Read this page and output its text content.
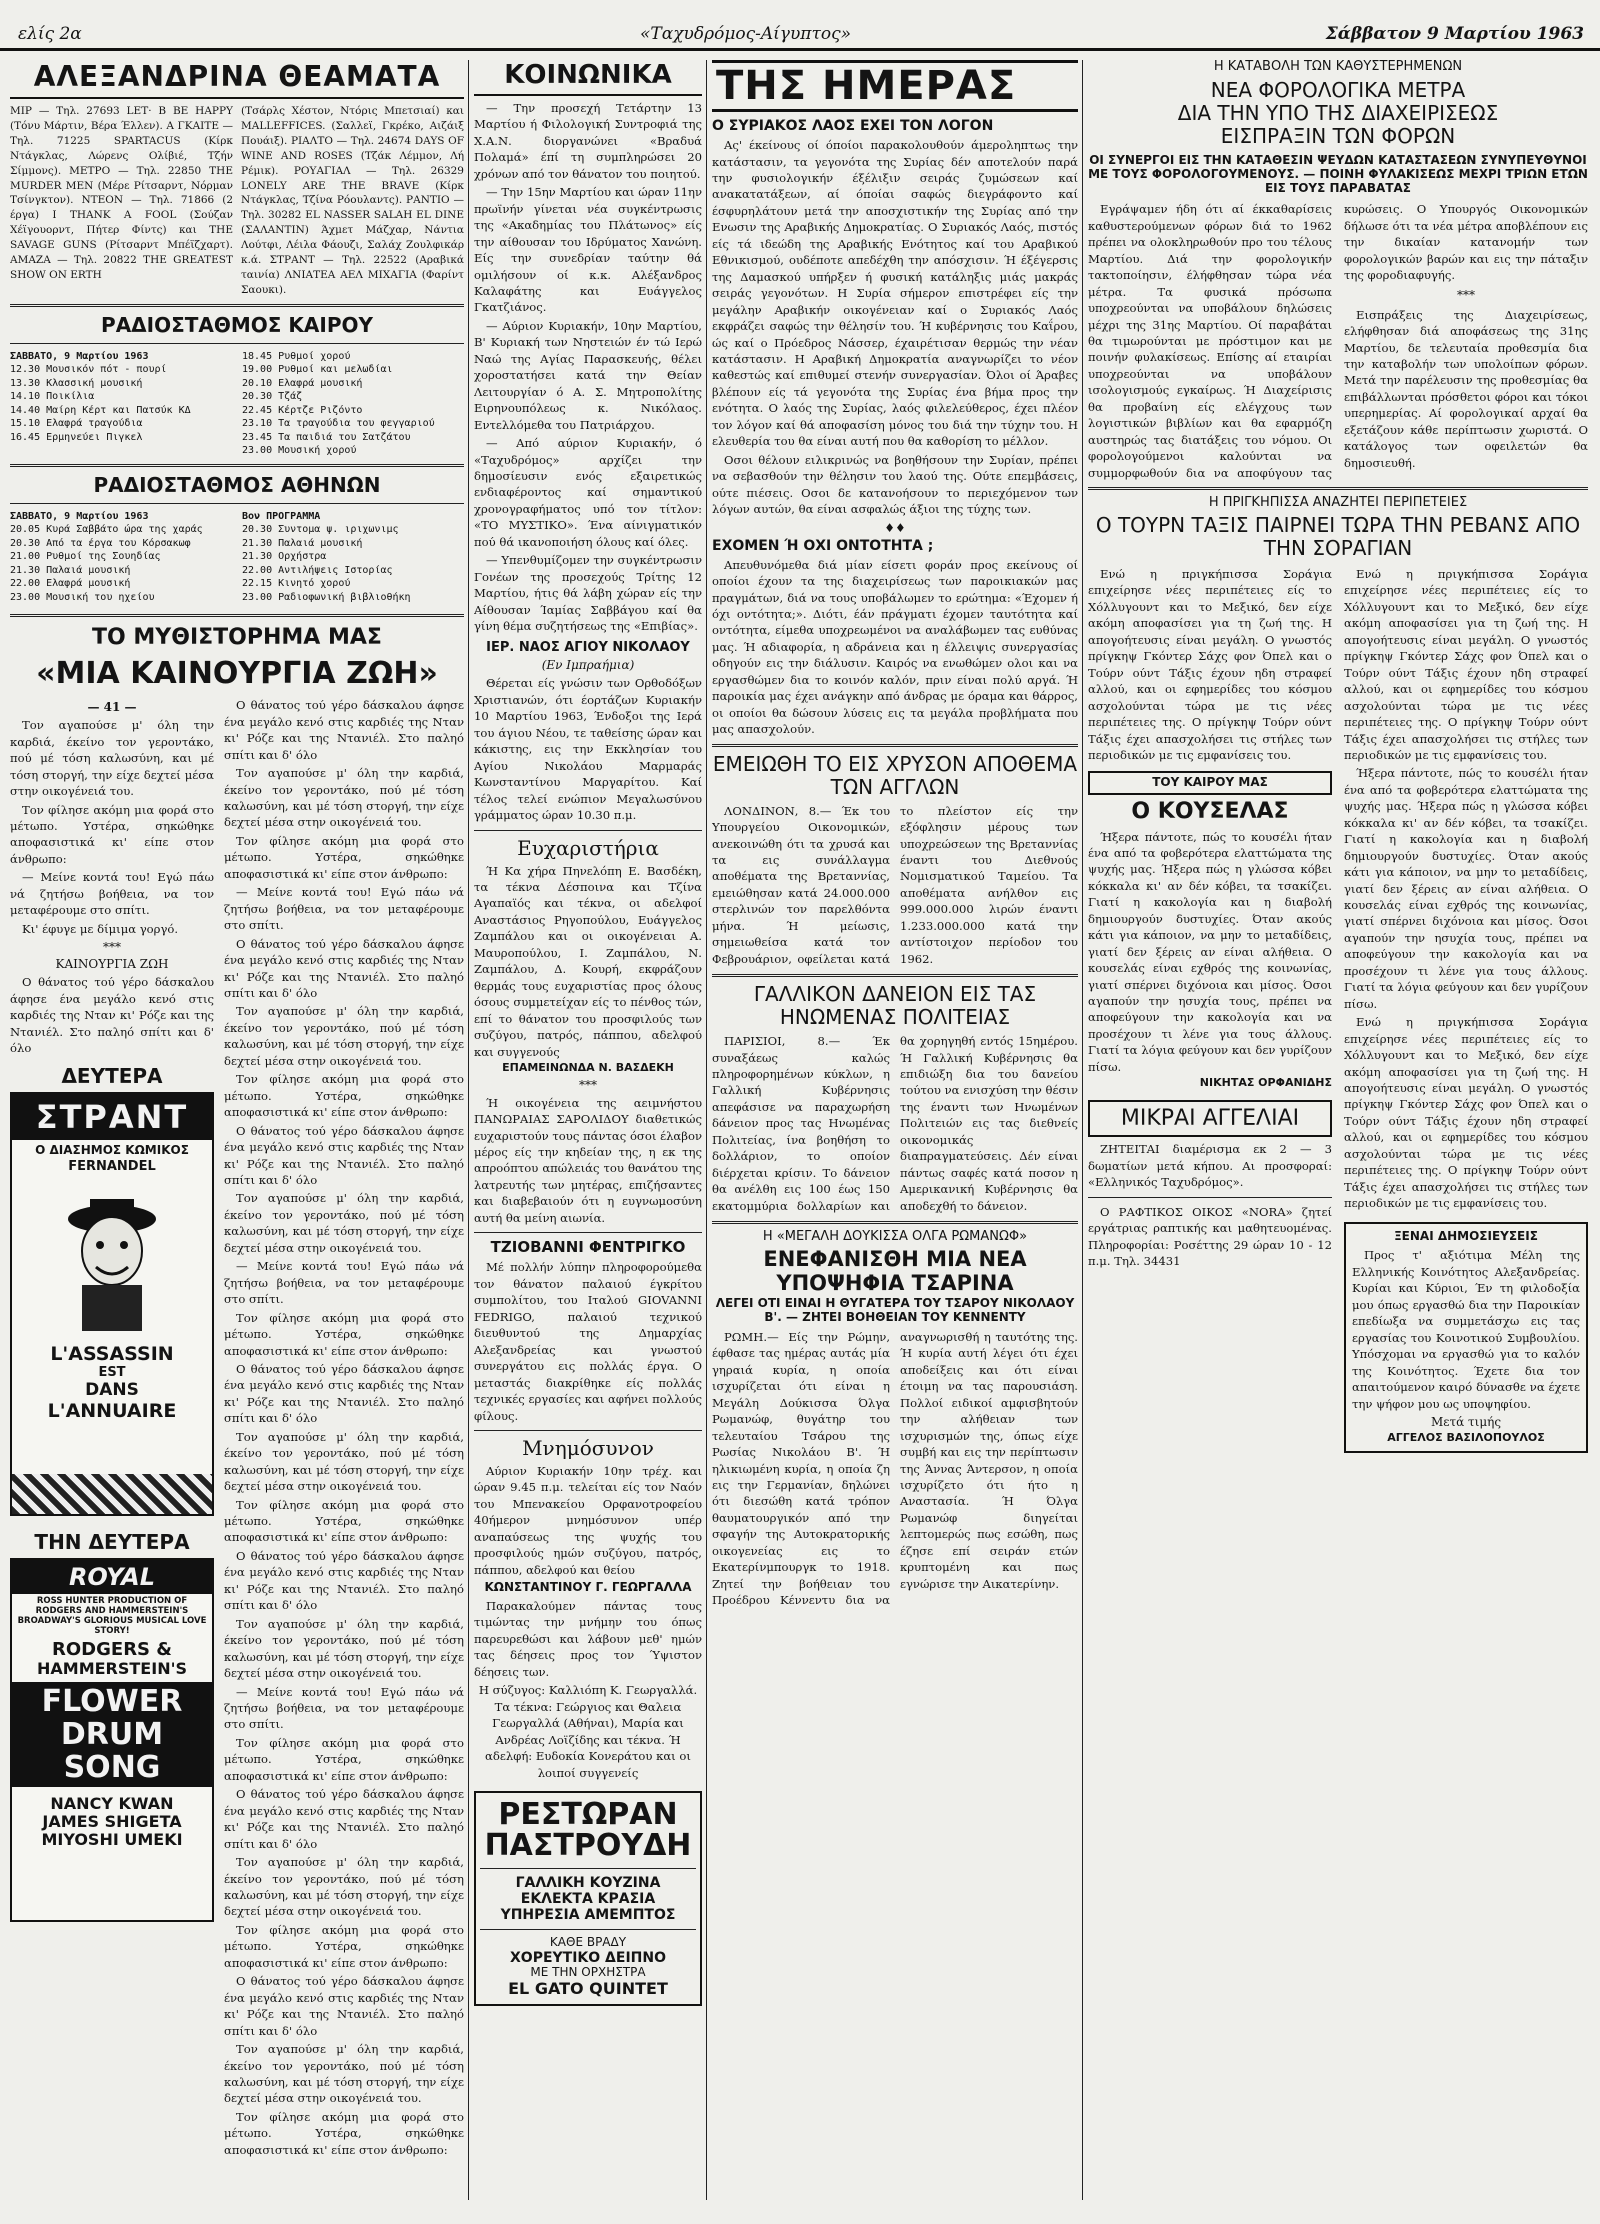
ελίς 2α	«Ταχυδρόμος-Αίγυπτος»	Σάββατον 9 Μαρτίου 1963
ΑΛΕΞΑΝΔΡΙΝΑ ΘΕΑΜΑΤΑ
ΜΙΡ — Τηλ. 27693 LET· Β ΒΕ ΗΑΡΡΥ (Τόνυ Μάρτιν, Βέρα Έλλεν). Α ΓΚΑΙΤΕ — Τηλ. 71225 SPARTACUS (Κίρκ Ντάγκλας, Λώρενς Ολίβιέ, Τζήν Σίμμονς). ΜΕΤΡΟ — Τηλ. 22850 THE MURDER MEN (Μέρε Ρίτσαρντ, Νόρμαν Τσίνγκτον). ΝΤΕΟΝ — Τηλ. 71866 (2 έργα) I THANK A FOOL (Σούζαν Χέϊγουορντ, Πήτερ Φίντς) και THE SAVAGE GUNS (Ρίτσαρντ Μπέϊζχαρτ). ΑΜΑΖΑ — Τηλ. 20822 THE GREATEST SHOW ON ERTH
(Τσάρλς Χέστον, Ντόρις Μπετσιαί) και MALLEFFICES. (Σαλλεϊ, Γκρέκο, Αιζάιξ Πουάιξ). ΡΙΑΛΤΟ — Τηλ. 24674 DAYS OF WINE AND ROSES (Τζάκ Λέμμον, Λή Ρέμικ). ΡΟΥΑΓΙΑΛ — Τηλ. 26329 LONELY ARE THE BRAVE (Κίρκ Ντάγκλας, Τζίνα Ρόουλαντς). ΡΑΝΤΙΟ — Τηλ. 30282 EL NASSER SALAH EL DINE (ΣΑΛΑΝΤΙΝ) Άχμετ Μάζχαρ, Νάντια Λούτφι, Λέιλα Φάουζι, Σαλάχ Ζουλφικάρ κ.ά. ΣΤΡΑΝΤ — Τηλ. 22522 (Αραβικά ταινία) ΛΝΙΑΤΕΑ ΑΕΛ ΜΙΧΑΓΙΑ (Φαρίντ Σαουκι).
ΡΑΔΙΟΣΤΑΘΜΟΣ ΚΑΙΡΟΥ
ΣΑΒΒΑΤΟ, 9 Μαρτίου 1963
12.30 Μουσικόν πότ - πουρί
13.30 Κλασσική μουσική
14.10 Ποικίλια
14.40 Μαίρη Κέρτ και Πατσύκ ΚΔ
15.10 Ελαφρά τραγούδια
16.45 Ερμηνεύει Πιγκελ
18.45 Ρυθμοί χορού
19.00 Ρυθμοί και μελωδίαι
20.10 Ελαφρά μουσική
20.30 Τζάζ
22.45 Κέρτζε Ριζόντο
23.10 Τα τραγούδια του φεγγαριού
23.45 Τα παιδιά του Σατζάτου
23.00 Μουσική χορού
ΡΑΔΙΟΣΤΑΘΜΟΣ ΑΘΗΝΩΝ
ΣΑΒΒΑΤΟ, 9 Μαρτίου 1963
20.05 Κυρά Σαββάτο ώρα της χαράς
20.30 Από τα έργα του Κόρσακωφ
21.00 Ρυθμοί της Σουηδίας
21.30 Παλαιά μουσική
22.00 Ελαφρά μουσική
23.00 Μουσική του ηχείου
Βον ΠΡΟΓΡΑΜΜΑ
20.30 Συντομα ψ. ιριχωνιμς
21.30 Παλαιά μουσική
21.30 Ορχήστρα
22.00 Αντιλήψεις Ιστορίας
22.15 Κινητό χορού
23.00 Ραδιοφωνική βιβλιοθήκη
ΤΟ ΜΥΘΙΣΤΟΡΗΜΑ ΜΑΣ
«ΜΙΑ ΚΑΙΝΟΥΡΓΙΑ ΖΩΗ»
— 41 —

Τον αγαπούσε μ' όλη την καρδιά, έκείνο τον γεροντάκο, πού μέ τόση καλωσύνη, και μέ τόση στοργή, την είχε δεχτεί μέσα στην οικογένειά του.

Τον φίλησε ακόμη μια φορά στο μέτωπο. Υστέρα, σηκώθηκε αποφασιστικά κι' είπε στον άνθρωπο:

— Μείνε κοντά του! Εγώ πάω νά ζητήσω βοήθεια, να τον μεταφέρουμε στο σπίτι.

Κι' έφυγε με δίμιμα γοργό.

***
ΚΑΙΝΟΥΡΓΙΑ ΖΩΗ

Ο θάνατος τού γέρο δάσκαλου άφησε ένα μεγάλο κενό στις καρδιές της Νταν κι' Ρόζε και της Ντανιέλ. Στο παληό σπίτι και δ' όλο

ΔΕΥΤΕΡΑ
ΣΤΡΑΝΤ
Ο ΔΙΑΣΗΜΟΣ ΚΩΜΙΚΟΣ
FERNANDEL
L'ASSASSIN
EST
DANS
L'ANNUAIRE
ΤΗΝ ΔΕΥΤΕΡΑ
ROYAL
ROSS HUNTER PRODUCTION OF RODGERS AND HAMMERSTEIN'S BROADWAY'S GLORIOUS MUSICAL LOVE STORY!
RODGERS &
HAMMERSTEIN'S
FLOWER
DRUM
SONG
NANCY KWAN
JAMES SHIGETA
MIYOSHI UMEKI

Ο θάνατος τού γέρο δάσκαλου άφησε ένα μεγάλο κενό στις καρδιές της Νταν κι' Ρόζε και της Ντανιέλ. Στο παληό σπίτι και δ' όλο

Τον αγαπούσε μ' όλη την καρδιά, έκείνο τον γεροντάκο, πού μέ τόση καλωσύνη, και μέ τόση στοργή, την είχε δεχτεί μέσα στην οικογένειά του.

Τον φίλησε ακόμη μια φορά στο μέτωπο. Υστέρα, σηκώθηκε αποφασιστικά κι' είπε στον άνθρωπο:

— Μείνε κοντά του! Εγώ πάω νά ζητήσω βοήθεια, να τον μεταφέρουμε στο σπίτι.

Ο θάνατος τού γέρο δάσκαλου άφησε ένα μεγάλο κενό στις καρδιές της Νταν κι' Ρόζε και της Ντανιέλ. Στο παληό σπίτι και δ' όλο

Τον αγαπούσε μ' όλη την καρδιά, έκείνο τον γεροντάκο, πού μέ τόση καλωσύνη, και μέ τόση στοργή, την είχε δεχτεί μέσα στην οικογένειά του.

Τον φίλησε ακόμη μια φορά στο μέτωπο. Υστέρα, σηκώθηκε αποφασιστικά κι' είπε στον άνθρωπο:

Ο θάνατος τού γέρο δάσκαλου άφησε ένα μεγάλο κενό στις καρδιές της Νταν κι' Ρόζε και της Ντανιέλ. Στο παληό σπίτι και δ' όλο

Τον αγαπούσε μ' όλη την καρδιά, έκείνο τον γεροντάκο, πού μέ τόση καλωσύνη, και μέ τόση στοργή, την είχε δεχτεί μέσα στην οικογένειά του.

— Μείνε κοντά του! Εγώ πάω νά ζητήσω βοήθεια, να τον μεταφέρουμε στο σπίτι.

Τον φίλησε ακόμη μια φορά στο μέτωπο. Υστέρα, σηκώθηκε αποφασιστικά κι' είπε στον άνθρωπο:

Ο θάνατος τού γέρο δάσκαλου άφησε ένα μεγάλο κενό στις καρδιές της Νταν κι' Ρόζε και της Ντανιέλ. Στο παληό σπίτι και δ' όλο

Τον αγαπούσε μ' όλη την καρδιά, έκείνο τον γεροντάκο, πού μέ τόση καλωσύνη, και μέ τόση στοργή, την είχε δεχτεί μέσα στην οικογένειά του.

Τον φίλησε ακόμη μια φορά στο μέτωπο. Υστέρα, σηκώθηκε αποφασιστικά κι' είπε στον άνθρωπο:

Ο θάνατος τού γέρο δάσκαλου άφησε ένα μεγάλο κενό στις καρδιές της Νταν κι' Ρόζε και της Ντανιέλ. Στο παληό σπίτι και δ' όλο

Τον αγαπούσε μ' όλη την καρδιά, έκείνο τον γεροντάκο, πού μέ τόση καλωσύνη, και μέ τόση στοργή, την είχε δεχτεί μέσα στην οικογένειά του.

— Μείνε κοντά του! Εγώ πάω νά ζητήσω βοήθεια, να τον μεταφέρουμε στο σπίτι.

Τον φίλησε ακόμη μια φορά στο μέτωπο. Υστέρα, σηκώθηκε αποφασιστικά κι' είπε στον άνθρωπο:

Ο θάνατος τού γέρο δάσκαλου άφησε ένα μεγάλο κενό στις καρδιές της Νταν κι' Ρόζε και της Ντανιέλ. Στο παληό σπίτι και δ' όλο

Τον αγαπούσε μ' όλη την καρδιά, έκείνο τον γεροντάκο, πού μέ τόση καλωσύνη, και μέ τόση στοργή, την είχε δεχτεί μέσα στην οικογένειά του.

Τον φίλησε ακόμη μια φορά στο μέτωπο. Υστέρα, σηκώθηκε αποφασιστικά κι' είπε στον άνθρωπο:

Ο θάνατος τού γέρο δάσκαλου άφησε ένα μεγάλο κενό στις καρδιές της Νταν κι' Ρόζε και της Ντανιέλ. Στο παληό σπίτι και δ' όλο

Τον αγαπούσε μ' όλη την καρδιά, έκείνο τον γεροντάκο, πού μέ τόση καλωσύνη, και μέ τόση στοργή, την είχε δεχτεί μέσα στην οικογένειά του.

Τον φίλησε ακόμη μια φορά στο μέτωπο. Υστέρα, σηκώθηκε αποφασιστικά κι' είπε στον άνθρωπο:

ΚΟΙΝΩΝΙΚΑ

— Την προσεχή Τετάρτην 13 Μαρτίου ή Φιλολογική Συντροφιά της Χ.Α.Ν. διοργανώνει «Βραδυά Πολαμά» έπί τη συμπληρώσει 20 χρόνων από τον θάνατον του ποιητού.

— Την 15ην Μαρτίου και ώραν 11ην πρωϊνήν γίνεται νέα συγκέντρωσις της «Ακαδημίας του Πλάτωνος» είς την αίθουσαν του Ιδρύματος Χανώνη. Είς την συνεδρίαν ταύτην θά ομιλήσουν οί κ.κ. Αλέξανδρος Καλαφάτης και Ευάγγελος Γκατζιάνος.

— Αύριον Κυριακήν, 10ην Μαρτίου, Β' Κυριακή των Νηστειών έν τώ Ιερώ Ναώ της Αγίας Παρασκευής, θέλει χοροστατήσει κατά την Θείαν Λειτουργίαν ό Α. Σ. Μητροπολίτης Ειρηνουπόλεως κ. Νικόλαος. Εντελλόμεθα του Πατριάρχου.

— Από αύριον Κυριακήν, ό «Ταχυδρόμος» αρχίζει την δημοσίευσιν ενός εξαιρετικώς ενδιαφέροντος καί σημαντικού χρονογραφήματος υπό τον τίτλον: «ΤΟ ΜΥΣΤΙΚΟ». Ένα αίνιγματικόν πού θά ικανοποιήση όλους καί όλες.

— Υπενθυμίζομεν την συγκέντρωσιν Γονέων της προσεχούς Τρίτης 12 Μαρτίου, ήτις θά λάβη χώραν είς την Αίθουσαν Ίαμίας Σαββάγου καί θα γίνη θέμα συζητήσεως της «Επιβίας».

ΙΕΡ. ΝΑΟΣ ΑΓΙΟΥ ΝΙΚΟΛΑΟΥ
(Εν Ιμπραήμια)

Θέρεται είς γνώσιν των Ορθοδόξων Χριστιανών, ότι έορτάζων Κυριακήν 10 Μαρτίου 1963, Ένδοξοι της Ιερά του άγιου Νέου, τε ταθείσης ώραν και κάκιστης, εις την Εκκλησίαν του Αγίου Νικολάου Μαρμαράς Κωνσταντίνου Μαργαρίτου. Καί τέλος τελεί ενώπιον Μεγαλωσύνου γράμματος ώραν 10.30 π.μ.

Ευχαριστήρια

Ή Κα χήρα Πηνελόπη Ε. Βασδέκη, τα τέκνα Δέσποινα και Τζίνα Αγαπαϊός και τέκνα, οι αδελφοί Αναστάσιος Ρηγοπούλου, Ευάγγελος Ζαμπάλου και οι οικογένειαι Α. Μαυροπούλου, Ι. Ζαμπάλου, Ν. Ζαμπάλου, Δ. Κουρή, εκφράζουν θερμάς τους ευχαριστίας προς όλους όσους συμμετείχαν είς το πένθος τών, επί το θάνατον του προσφιλούς των συζύγου, πατρός, πάππου, αδελφού και συγγενούς

ΕΠΑΜΕΙΝΩΝΔΑ Ν. ΒΑΣΔΕΚΗ
***

Ή οικογένεια της αειμνήστου ΠΑΝΩΡΑΙΑΣ ΣΑΡΟΛΙΔΟΥ διαθετικώς ευχαριστούν τους πάντας όσοι έλαβον μέρος είς την κηδείαν της, η εκ της απροόπτου απώλειάς του θανάτου της λατρευτής των μητέρας, επιζήσαντες και διαβεβαιούν ότι η ευγνωμοσύνη αυτή θα μείνη αιωνία.

ΤΖΙΟΒΑΝΝΙ ΦΕΝΤΡΙΓΚΟ

Μέ πολλήν λύπην πληροφορούμεθα τον θάνατον παλαιού έγκρίτου συμπολίτου, του Ιταλού GIOVANNI FEDRIGO, παλαιού τεχνικού διευθυντού της Δημαρχίας Αλεξανδρείας και γνωστού συνεργάτου εις πολλάς έργα. Ο μεταστάς διακρίθηκε είς πολλάς τεχνικές εργασίες και αφήνει πολλούς φίλους.

Μνημόσυνον

Αύριον Κυριακήν 10ην τρέχ. και ώραν 9.45 π.μ. τελείται είς τον Ναόν του Μπενακείου Ορφανοτροφείου 40ήμερον μνημόσυνον υπέρ αναπαύσεως της ψυχής του προσφιλούς ημών συζύγου, πατρός, πάππου, αδελφού και θείου

ΚΩΝΣΤΑΝΤΙΝΟΥ Γ. ΓΕΩΡΓΑΛΛΑ

Παρακαλούμεν πάντας τους τιμώντας την μνήμην του όπως παρευρεθώσι και λάβουν μεθ' ημών τας δέησεις προς τον Ύψιστον δέησεις των.

Η σύζυγος: Καλλιόπη Κ. Γεωργαλλά. Τα τέκνα: Γεώργιος και Θαλεια Γεωργαλλά (Αθήναι), Μαρία και Ανδρέας Λοϊζίδης και τέκνα. Ή αδελφή: Ευδοκία Κονεράτου και οι λοιποί συγγενείς

ΡΕΣΤΩΡΑΝ ΠΑΣΤΡΟΥΔΗ
ΓΑΛΛΙΚΗ ΚΟΥΖΙΝΑ
ΕΚΛΕΚΤΑ ΚΡΑΣΙΑ
ΥΠΗΡΕΣΙΑ ΑΜΕΜΠΤΟΣ
ΚΑΘΕ ΒΡΑΔΥ
ΧΟΡΕΥΤΙΚΟ ΔΕΙΠΝΟ
ΜΕ ΤΗΝ ΟΡΧΗΣΤΡΑ
EL GATO QUINTET
ΤΗΣ ΗΜΕΡΑΣ
Ο ΣΥΡΙΑΚΟΣ ΛΑΟΣ ΕΧΕΙ ΤΟΝ ΛΟΓΟΝ

Ας' έκείνους οί όποίοι παρακολουθούν άμεροληπτως την κατάστασιν, τα γεγονότα της Συρίας δέν αποτελούν παρά την φυσιολογικήν έξέλιξιν σειράς ζυμώσεων καί ανακατατάξεων, αί όποίαι σαφώς διεγράφοντο καί έσφυρηλάτουν μετά την αποσχιστικήν της Συρίας από την Ενωσιν της Αραβικής Δημοκρατίας. Ο Συριακός Λαός, πιστός είς τά ιδεώδη της Αραβικής Ενότητος καί του Αραβικού Εθνικισμού, ουδέποτε απεδέχθη την απόσχισιν. Ή έξέγερσις της Δαμασκού υπήρξεν ή φυσική κατάληξις μιάς μακράς σειράς γεγονότων. Η Συρία σήμερον επιστρέφει είς την μεγάλην Αραβικήν οικογένειαν καί ο Συριακός Λαός εκφράζει σαφώς την θέλησίν του. Ή κυβέρνησις του Καΐρου, ώς καί ο Πρόεδρος Νάσσερ, έχαιρέτισαν θερμώς την νέαν κατάστασιν. Η Αραβική Δημοκρατία αναγνωρίζει το νέον καθεστώς καί επιθυμεί στενήν συνεργασίαν. Όλοι οί Άραβες βλέπουν είς τά γεγονότα της Συρίας ένα βήμα προς την ενότητα. Ο λαός της Συρίας, λαός φιλελεύθερος, έχει πλέον τον λόγον καί θά αποφασίση μόνος του διά την τύχην του. Η ελευθερία του θα είναι αυτή που θα καθορίση το μέλλον.

Οσοι θέλουν ειλικρινώς να βοηθήσουν την Συρίαν, πρέπει να σεβασθούν την θέλησιν του λαού της. Ούτε επεμβάσεις, ούτε πιέσεις. Οσοι δε κατανοήσουν το περιεχόμενον των λόγων αυτών, θα είναι ασφαλώς άξιοι της τύχης των.

♦♦
ΕΧΟΜΕΝ Ή ΟΧΙ ΟΝΤΟΤΗΤΑ ;

Απευθυνόμεθα διά μίαν είσετι φοράν προς εκείνους οί οποίοι έχουν τα της διαχειρίσεως των παροικιακών μας πραγμάτων, διά να τους υποβάλωμεν το ερώτημα: «Έχομεν ή όχι οντότητα;». Διότι, έάν πράγματι έχομεν ταυτότητα καί οντότητα, είμεθα υποχρεωμένοι να αναλάβωμεν τας ευθύνας μας. Ή αδιαφορία, η αδράνεια και η έλλειψις συνεργασίας οδηγούν εις την διάλυσιν. Καιρός να ενωθώμεν ολοι και να εργασθώμεν δια το κοινόν καλόν, πριν είναι πολύ αργά. Ή παροικία μας έχει ανάγκην από άνδρας με όραμα και θάρρος, οι οποίοι θα δώσουν λύσεις εις τα μεγάλα προβλήματα που μας απασχολούν.

ΕΜΕΙΩΘΗ ΤΟ ΕΙΣ ΧΡΥΣΟΝ ΑΠΟΘΕΜΑ ΤΩΝ ΑΓΓΛΩΝ

ΛΟΝΔΙΝΟΝ, 8.— Έκ του Υπουργείου Οικονομικών, ανεκοινώθη ότι τα χρυσά και τα εις συνάλλαγμα αποθέματα της Βρεταννίας, εμειώθησαν κατά 24.000.000 στερλινών τον παρελθόντα μήνα. Ή μείωσις, σημειωθείσα κατά τον Φεβρουάριον, οφείλεται κατά το πλείστον είς την εξόφλησιν μέρους των υποχρεώσεων της Βρεταννίας έναντι του Διεθνούς Νομισματικού Ταμείου. Τα αποθέματα ανήλθον εις 999.000.000 λιρών έναντι 1.233.000.000 κατά την αντίστοιχον περίοδον του 1962.

ΓΑΛΛΙΚΟΝ ΔΑΝΕΙΟΝ ΕΙΣ ΤΑΣ ΗΝΩΜΕΝΑΣ ΠΟΛΙΤΕΙΑΣ

ΠΑΡΙΣΙΟΙ, 8.— Έκ συναξάεως καλώς πληροφορημένων κύκλων, η Γαλλική Κυβέρνησις απεφάσισε να παραχωρήση δάνειον προς τας Ηνωμένας Πολιτείας, ίνα βοηθήση το δολλάριον, το οποίον διέρχεται κρίσιν. Το δάνειον θα ανέλθη εις 100 έως 150 εκατομμύρια δολλαρίων και θα χορηγηθή εντός 15ημέρου. Ή Γαλλική Κυβέρνησις θα επιδιώξη δια του δανείου τούτου να ενισχύση την θέσιν της έναντι των Ηνωμένων Πολιτειών εις τας διεθνείς οικονομικάς διαπραγματεύσεις. Δέν είναι πάντως σαφές κατά ποσον η Αμερικανική Κυβέρνησις θα αποδεχθή το δάνειον.

Η «ΜΕΓΑΛΗ ΔΟΥΚΙΣΣΑ ΟΛΓΑ ΡΩΜΑΝΩΦ»
ΕΝΕΦΑΝΙΣΘΗ ΜΙΑ ΝΕΑ ΥΠΟΨΗΦΙΑ ΤΣΑΡΙΝΑ
ΛΕΓΕΙ ΟΤΙ ΕΙΝΑΙ Η ΘΥΓΑΤΕΡΑ ΤΟΥ ΤΣΑΡΟΥ ΝΙΚΟΛΑΟΥ Β'. — ΖΗΤΕΙ ΒΟΗΘΕΙΑΝ ΤΟΥ ΚΕΝΝΕΝΤΥ

ΡΩΜΗ.— Είς την Ρώμην, έφθασε τας ημέρας αυτάς μία γηραιά κυρία, η οποία ισχυρίζεται ότι είναι η Μεγάλη Δούκισσα Όλγα Ρωμανώφ, θυγάτηρ του τελευταίου Τσάρου της Ρωσίας Νικολάου Β'. Ή ηλικιωμένη κυρία, η οποία ζη εις την Γερμανίαν, δηλώνει ότι διεσώθη κατά τρόπον θαυματουργικόν από την σφαγήν της Αυτοκρατορικής οικογενείας εις το Εκατερίνμπουργκ το 1918. Ζητεί την βοήθειαν του Προέδρου Κέννεντυ δια να αναγνωρισθή η ταυτότης της. Ή κυρία αυτή λέγει ότι έχει αποδείξεις και ότι είναι έτοιμη να τας παρουσιάση. Πολλοί ειδικοί αμφισβητούν την αλήθειαν των ισχυρισμών της, όπως είχε συμβή και εις την περίπτωσιν της Άννας Άντερσον, η οποία ισχυρίζετο ότι ήτο η Αναστασία. Ή Όλγα Ρωμανώφ διηγείται λεπτομερώς πως εσώθη, πως έζησε επί σειράν ετών κρυπτομένη και πως εγνώρισε την Αικατερίνην.

Η ΚΑΤΑΒΟΛΗ ΤΩΝ ΚΑΘΥΣΤΕΡΗΜΕΝΩΝ
ΝΕΑ ΦΟΡΟΛΟΓΙΚΑ ΜΕΤΡΑ
ΔΙΑ ΤΗΝ ΥΠΟ ΤΗΣ ΔΙΑΧΕΙΡΙΣΕΩΣ
ΕΙΣΠΡΑΞΙΝ ΤΩΝ ΦΟΡΩΝ
ΟΙ ΣΥΝΕΡΓΟΙ ΕΙΣ ΤΗΝ ΚΑΤΑΘΕΣΙΝ ΨΕΥΔΩΝ ΚΑΤΑΣΤΑΣΕΩΝ ΣΥΝΥΠΕΥΘΥΝΟΙ ΜΕ ΤΟΥΣ ΦΟΡΟΛΟΓΟΥΜΕΝΟΥΣ. — ΠΟΙΝΗ ΦΥΛΑΚΙΣΕΩΣ ΜΕΧΡΙ ΤΡΙΩΝ ΕΤΩΝ ΕΙΣ ΤΟΥΣ ΠΑΡΑΒΑΤΑΣ

Εγράψαμεν ήδη ότι αί έκκαθαρίσεις καθυστερούμενων φόρων διά το 1962 πρέπει να ολοκληρωθούν προ του τέλους Μαρτίου. Διά την φορολογικήν τακτοποίησιν, έλήφθησαν τώρα νέα μέτρα. Τα φυσικά πρόσωπα υποχρεούνται να υποβάλουν δηλώσεις μέχρι της 31ης Μαρτίου. Οί παραβάται θα τιμωρούνται με πρόστιμον και με ποινήν φυλακίσεως. Επίσης αί εταιρίαι υποχρεούνται να υποβάλουν ισολογισμούς εγκαίρως. Ή Διαχείρισις θα προβαίνη είς ελέγχους των λογιστικών βιβλίων και θα εφαρμόζη αυστηρώς τας διατάξεις του νόμου. Οι φορολογούμενοι καλούνται να συμμορφωθούν δια να αποφύγουν τας κυρώσεις. Ο Υπουργός Οικονομικών δήλωσε ότι τα νέα μέτρα αποβλέπουν εις την δικαίαν κατανομήν των φορολογικών βαρών και εις την πάταξιν της φοροδιαφυγής.

***

Εισπράξεις της Διαχειρίσεως, ελήφθησαν διά αποφάσεως της 31ης Μαρτίου, δε τελευταία προθεσμία δια την καταβολήν των υπολοίπων φόρων. Μετά την παρέλευσιν της προθεσμίας θα επιβάλλωνται πρόσθετοι φόροι και τόκοι υπερημερίας. Αί φορολογικαί αρχαί θα εξετάζουν κάθε περίπτωσιν χωριστά. Ο κατάλογος των οφειλετών θα δημοσιευθή.

Η ΠΡΙΓΚΗΠΙΣΣΑ ΑΝΑΖΗΤΕΙ ΠΕΡΙΠΕΤΕΙΕΣ
Ο ΤΟΥΡΝ ΤΑΞΙΣ ΠΑΙΡΝΕΙ ΤΩΡΑ ΤΗΝ ΡΕΒΑΝΣ ΑΠΟ ΤΗΝ ΣΟΡΑΓΙΑΝ

Ενώ η πριγκήπισσα Σοράγια επιχείρησε νέες περιπέτειες είς το Χόλλυγουντ και το Μεξικό, δεν είχε ακόμη αποφασίσει για τη ζωή της. Η απογοήτευσις είναι μεγάλη. Ο γνωστός πρίγκηψ Γκόντερ Σάχς φον Όπελ και ο Τούρν ούντ Τάξις έχουν ηδη στραφεί αλλού, και οι εφημερίδες του κόσμου ασχολούνται τώρα με τις νέες περιπέτειες της. Ο πρίγκηψ Τούρν ούντ Τάξις έχει απασχολήσει τις στήλες των περιοδικών με τις εμφανίσεις του.

ΤΟΥ ΚΑΙΡΟΥ ΜΑΣ
Ο ΚΟΥΣΕΛΑΣ

Ήξερα πάντοτε, πώς το κουσέλι ήταν ένα από τα φοβερότερα ελαττώματα της ψυχής μας. Ήξερα πώς η γλώσσα κόβει κόκκαλα κι' αν δέν κόβει, τα τσακίζει. Γιατί η κακολογία και η διαβολή δημιουργούν δυστυχίες. Όταν ακούς κάτι για κάποιον, να μην το μεταδίδεις, γιατί δεν ξέρεις αν είναι αλήθεια. Ο κουσελάς είναι εχθρός της κοινωνίας, γιατί σπέρνει διχόνοια και μίσος. Όσοι αγαπούν την ησυχία τους, πρέπει να αποφεύγουν την κακολογία και να προσέχουν τι λένε για τους άλλους. Γιατί τα λόγια φεύγουν και δεν γυρίζουν πίσω.

ΝΙΚΗΤΑΣ ΟΡΦΑΝΙΔΗΣ
ΜΙΚΡΑΙ ΑΓΓΕΛΙΑΙ

ΖΗΤΕΙΤΑΙ διαμέρισμα εκ 2 — 3 δωματίων μετά κήπου. Αι προσφοραί: «Ελληνικός Ταχυδρόμος».

Ο ΡΑΦΤΙΚΟΣ ΟΙΚΟΣ «NORA» ζητεί εργάτριας ραπτικής και μαθητευομένας. Πληροφορίαι: Ροσέττης 29 ώραν 10 - 12 π.μ. Τηλ. 34431

Ενώ η πριγκήπισσα Σοράγια επιχείρησε νέες περιπέτειες είς το Χόλλυγουντ και το Μεξικό, δεν είχε ακόμη αποφασίσει για τη ζωή της. Η απογοήτευσις είναι μεγάλη. Ο γνωστός πρίγκηψ Γκόντερ Σάχς φον Όπελ και ο Τούρν ούντ Τάξις έχουν ηδη στραφεί αλλού, και οι εφημερίδες του κόσμου ασχολούνται τώρα με τις νέες περιπέτειες της. Ο πρίγκηψ Τούρν ούντ Τάξις έχει απασχολήσει τις στήλες των περιοδικών με τις εμφανίσεις του.

Ήξερα πάντοτε, πώς το κουσέλι ήταν ένα από τα φοβερότερα ελαττώματα της ψυχής μας. Ήξερα πώς η γλώσσα κόβει κόκκαλα κι' αν δέν κόβει, τα τσακίζει. Γιατί η κακολογία και η διαβολή δημιουργούν δυστυχίες. Όταν ακούς κάτι για κάποιον, να μην το μεταδίδεις, γιατί δεν ξέρεις αν είναι αλήθεια. Ο κουσελάς είναι εχθρός της κοινωνίας, γιατί σπέρνει διχόνοια και μίσος. Όσοι αγαπούν την ησυχία τους, πρέπει να αποφεύγουν την κακολογία και να προσέχουν τι λένε για τους άλλους. Γιατί τα λόγια φεύγουν και δεν γυρίζουν πίσω.

Ενώ η πριγκήπισσα Σοράγια επιχείρησε νέες περιπέτειες είς το Χόλλυγουντ και το Μεξικό, δεν είχε ακόμη αποφασίσει για τη ζωή της. Η απογοήτευσις είναι μεγάλη. Ο γνωστός πρίγκηψ Γκόντερ Σάχς φον Όπελ και ο Τούρν ούντ Τάξις έχουν ηδη στραφεί αλλού, και οι εφημερίδες του κόσμου ασχολούνται τώρα με τις νέες περιπέτειες της. Ο πρίγκηψ Τούρν ούντ Τάξις έχει απασχολήσει τις στήλες των περιοδικών με τις εμφανίσεις του.

ΞΕΝΑΙ ΔΗΜΟΣΙΕΥΣΕΙΣ

Προς τ' αξιότιμα Μέλη της Ελληνικής Κοινότητος Αλεξανδρείας. Κυρίαι και Κύριοι, Έν τη φιλοδοξία μου όπως εργασθώ δια την Παροικίαν επεδίωξα να συμμετάσχω εις τας εργασίας του Κοινοτικού Συμβουλίου. Υπόσχομαι να εργασθώ για το καλόν της Κοινότητος. Έχετε δια τον απαιτούμενον καιρό δύνασθε να έχετε την ψήφον μου ως υποψηφίου.

Μετά τιμής
ΑΓΓΕΛΟΣ ΒΑΣΙΛΟΠΟΥΛΟΣ
